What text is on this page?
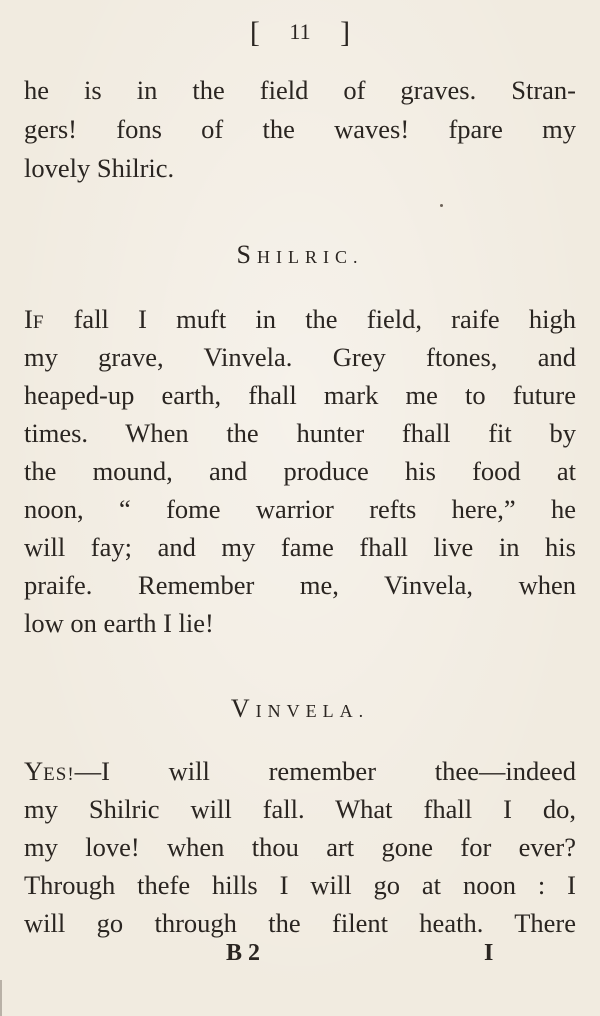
[ 11 ]
he is in the field of graves. Stran-
gers! fons of the waves! fpare my
lovely Shilric.
SHILRIC.
IF fall I muft in the field, raife high
my grave, Vinvela. Grey ftones, and
heaped-up earth, fhall mark me to future
times. When the hunter fhall fit by
the mound, and produce his food at
noon, “ fome warrior refts here,” he
will fay; and my fame fhall live in his
praife. Remember me, Vinvela, when
low on earth I lie!
VINVELA.
YES!—I will remember thee—indeed
my Shilric will fall. What fhall I do,
my love! when thou art gone for ever?
Through thefe hills I will go at noon : I
will go through the filent heath. There
B 2	I
